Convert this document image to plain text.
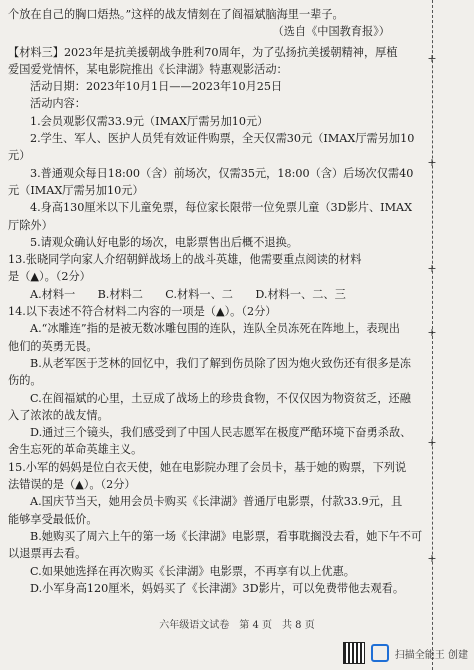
+
+
+
+
+
+
个放在自己的胸口焐热。”这样的战友情刻在了阎福斌脑海里一辈子。
（选自《中国教育报》）
【材料三】2023年是抗美援朝战争胜利70周年，为了弘扬抗美援朝精神，厚植
爱国爱党情怀，某电影院推出《长津湖》特惠观影活动：
活动日期：2023年10月1日——2023年10月25日
活动内容：
1.会员观影仅需33.9元（IMAX厅需另加10元）
2.学生、军人、医护人员凭有效证件购票，全天仅需30元（IMAX厅需另加10
元）
3.普通观众每日18:00（含）前场次，仅需35元，18:00（含）后场次仅需40
元（IMAX厅需另加10元）
4.身高130厘米以下儿童免票，每位家长限带一位免票儿童（3D影片、IMAX
厅除外）
5.请观众确认好电影的场次，电影票售出后概不退换。
13.张晓同学向家人介绍朝鲜战场上的战斗英雄，他需要重点阅读的材料
是（▲）。（2分）
A.材料一　　B.材料二　　C.材料一、二　　D.材料一、二、三
14.以下表述不符合材料二内容的一项是（▲）。（2分）
A.“冰雕连”指的是被无数冰雕包围的连队，连队全员冻死在阵地上，表现出
他们的英勇无畏。
B.从老军医于芝林的回忆中，我们了解到伤员除了因为炮火致伤还有很多是冻
伤的。
C.在阎福斌的心里，土豆成了战场上的珍贵食物，不仅仅因为物资贫乏，还融
入了浓浓的战友情。
D.通过三个镜头，我们感受到了中国人民志愿军在极度严酷环境下奋勇杀敌、
舍生忘死的革命英雄主义。
15.小军的妈妈是位白衣天使，她在电影院办理了会员卡，基于她的购票，下列说
法错误的是（▲）。（2分）
A.国庆节当天，她用会员卡购买《长津湖》普通厅电影票，付款33.9元，且
能够享受最低价。
B.她购买了周六上午的第一场《长津湖》电影票，看事耽搁没去看，她下午不可
以退票再去看。
C.如果她选择在再次购买《长津湖》电影票，不再享有以上优惠。
D.小军身高120厘米，妈妈买了《长津湖》3D影片，可以免费带他去观看。
六年级语文试卷　第 4 页　共 8 页
扫描全能王 创建
